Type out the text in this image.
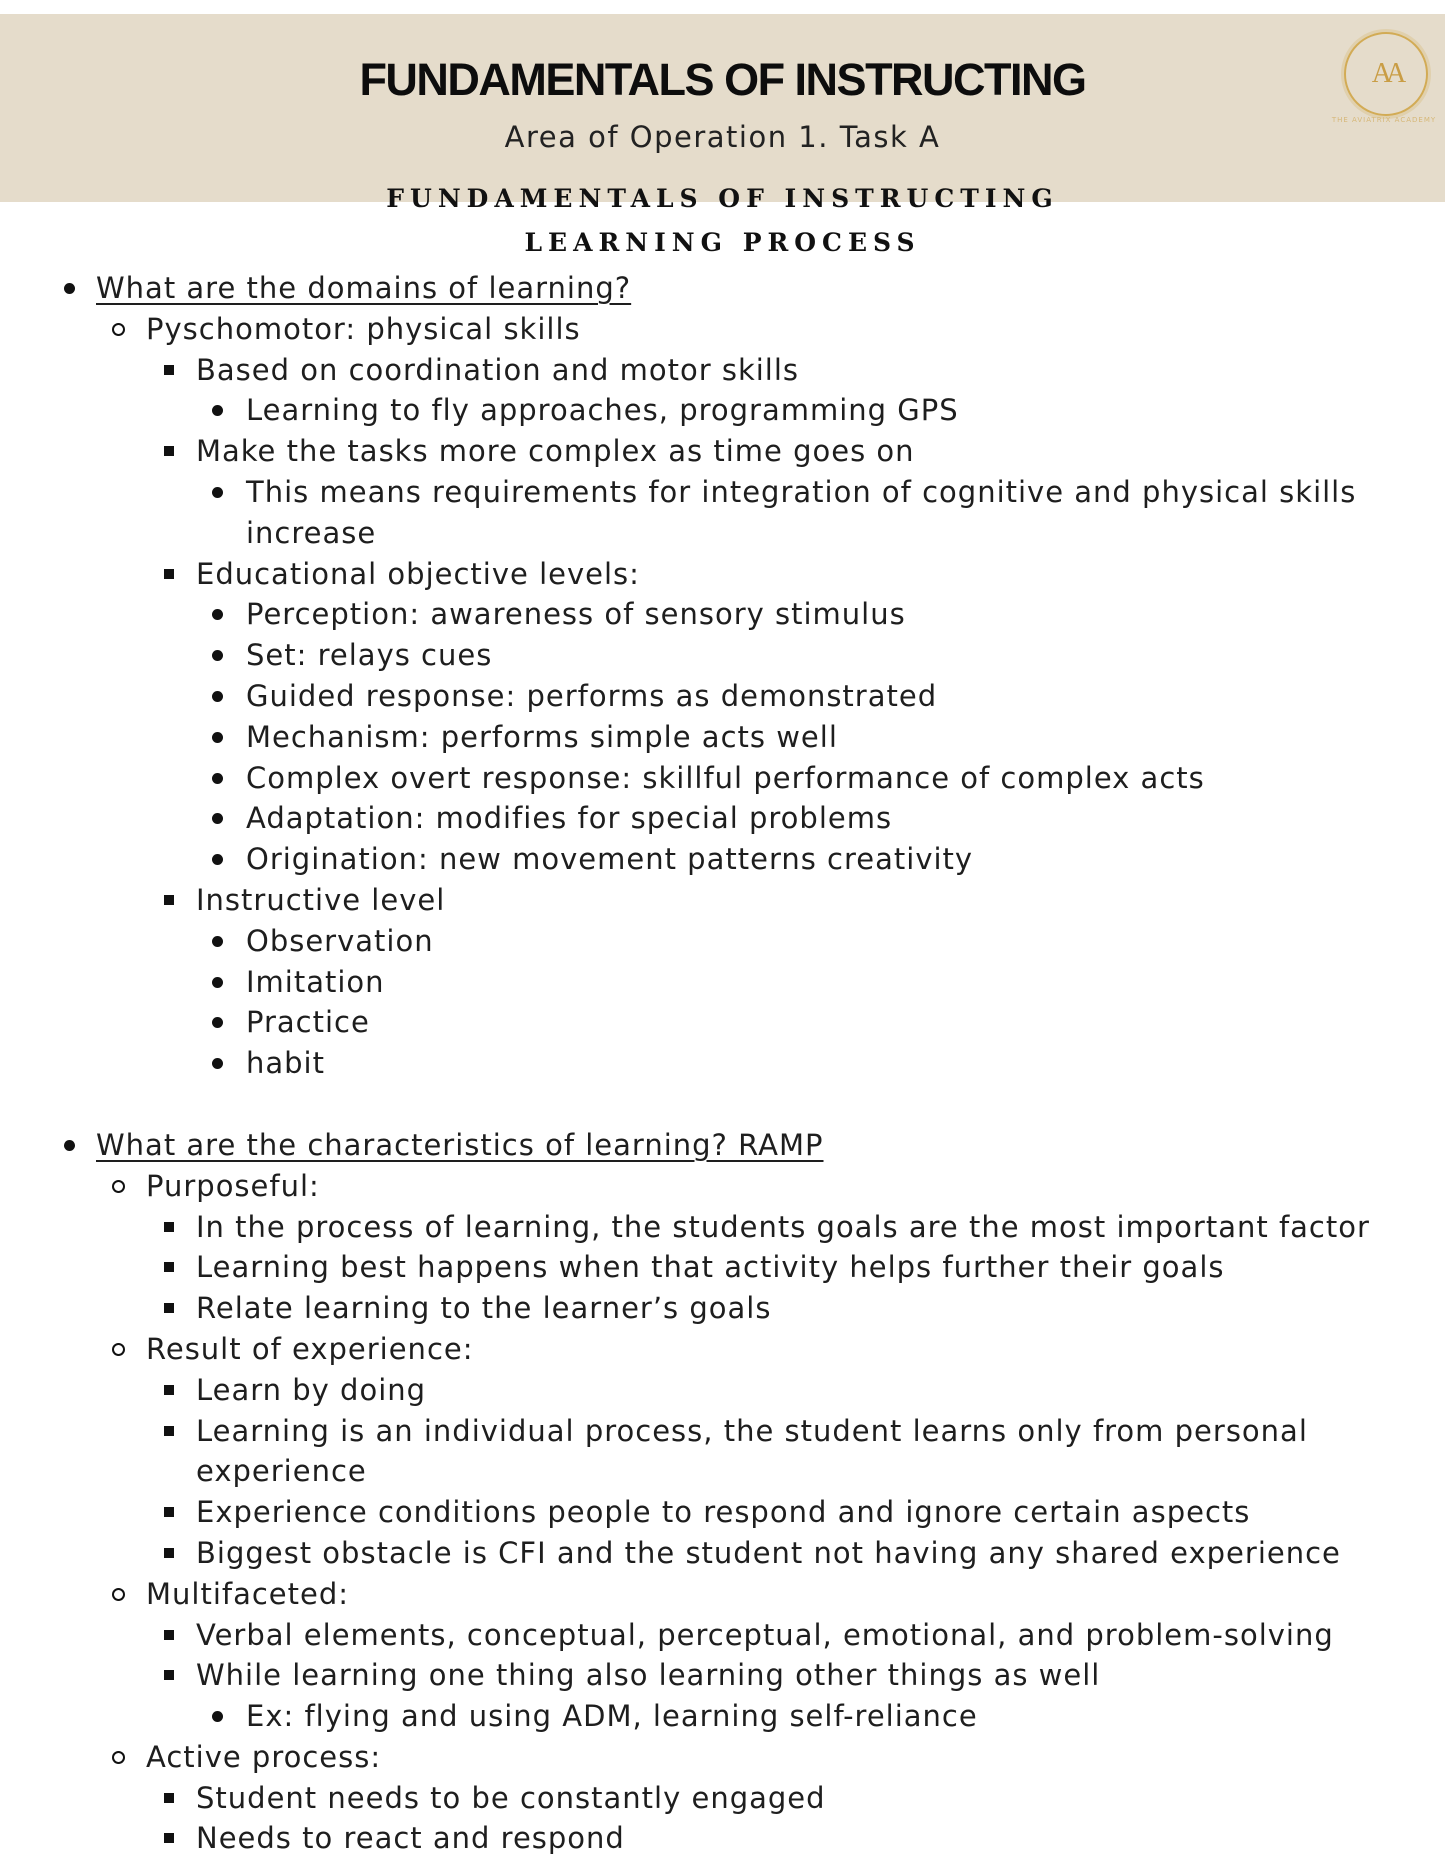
FUNDAMENTALS OF INSTRUCTING

Area of Operation 1. Task A

AA
THE AVIATRIX ACADEMY
FUNDAMENTALS OF INSTRUCTING
LEARNING PROCESS
What are the domains of learning?
Pyschomotor: physical skills
Based on coordination and motor skills
Learning to fly approaches, programming GPS
Make the tasks more complex as time goes on
This means requirements for integration of cognitive and physical skills increase
Educational objective levels:
Perception: awareness of sensory stimulus
Set: relays cues
Guided response: performs as demonstrated
Mechanism: performs simple acts well
Complex overt response: skillful performance of complex acts
Adaptation: modifies for special problems
Origination: new movement patterns creativity
Instructive level
Observation
Imitation
Practice
habit
What are the characteristics of learning? RAMP
Purposeful:
In the process of learning, the students goals are the most important factor
Learning best happens when that activity helps further their goals
Relate learning to the learner’s goals
Result of experience:
Learn by doing
Learning is an individual process, the student learns only from personal experience
Experience conditions people to respond and ignore certain aspects
Biggest obstacle is CFI and the student not having any shared experience
Multifaceted:
Verbal elements, conceptual, perceptual, emotional, and problem-solving
While learning one thing also learning other things as well
Ex: flying and using ADM, learning self-reliance
Active process:
Student needs to be constantly engaged
Needs to react and respond
